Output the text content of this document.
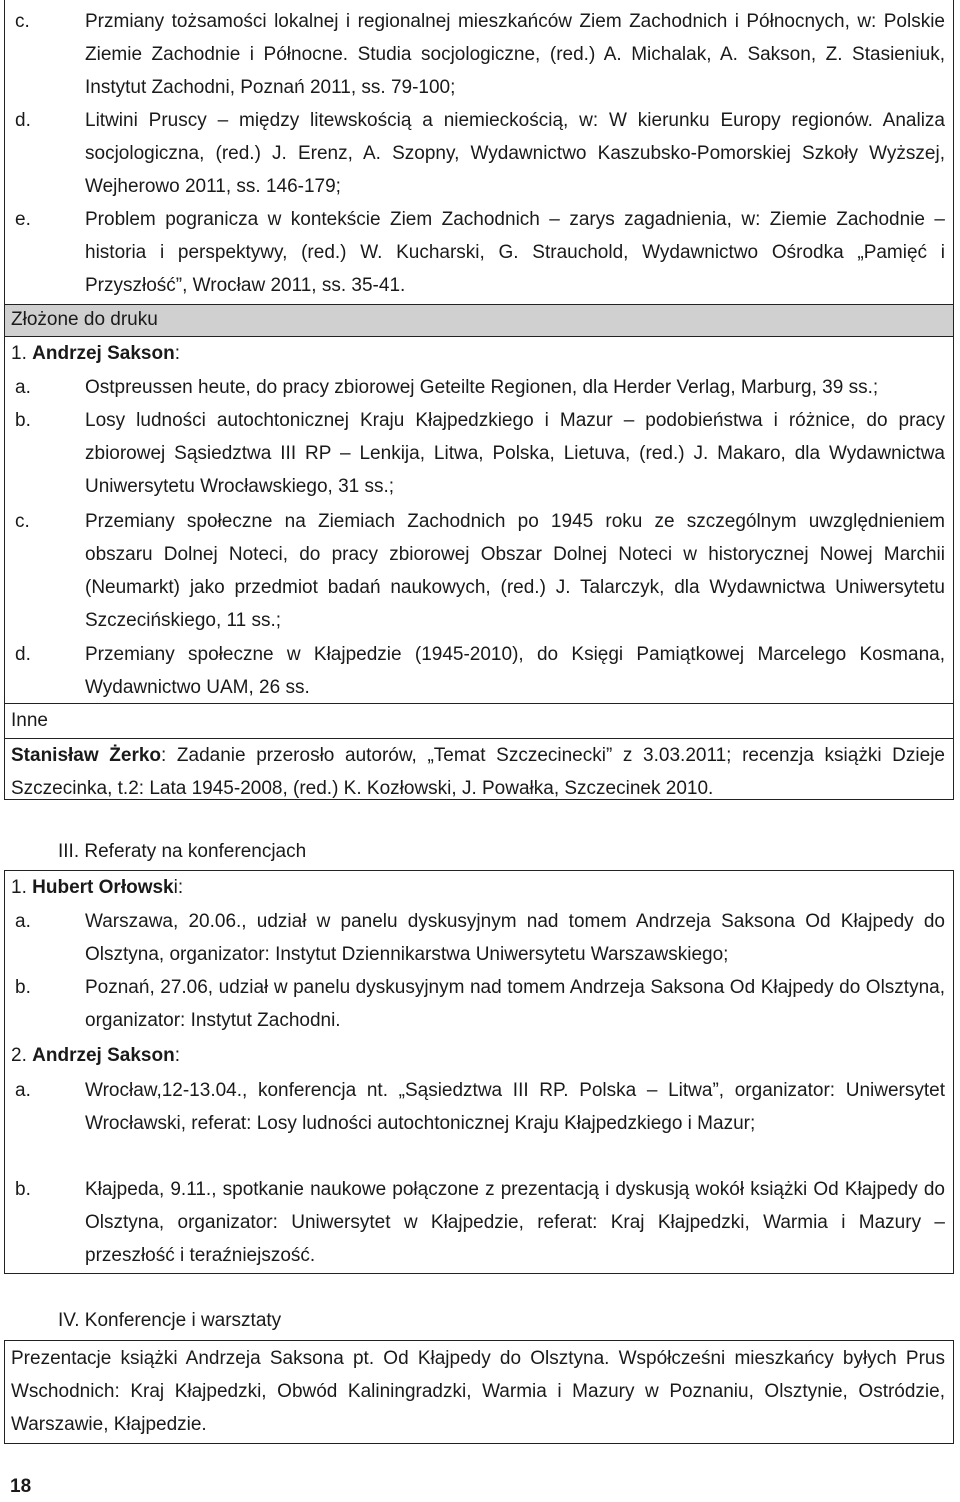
c.	Przmiany tożsamości lokalnej i regionalnej mieszkańców Ziem Zachodnich i Północnych, w: Polskie Ziemie Zachodnie i Północne. Studia socjologiczne, (red.) A. Michalak, A. Sakson, Z. Stasieniuk, Instytut Zachodni, Poznań 2011, ss. 79-100;
d.	Litwini Pruscy – między litewskością a niemieckością, w: W kierunku Europy regionów. Analiza socjologiczna, (red.) J. Erenz, A. Szopny, Wydawnictwo Kaszubsko-Pomorskiej Szkoły Wyższej, Wejherowo 2011, ss. 146-179;
e.	Problem pogranicza w kontekście Ziem Zachodnich – zarys zagadnienia, w: Ziemie Zachodnie – historia i perspektywy, (red.) W. Kucharski, G. Strauchold, Wydawnictwo Ośrodka „Pamięć i Przyszłość”, Wrocław 2011, ss. 35-41.
Złożone do druku
1. Andrzej Sakson:
a.	Ostpreussen heute, do pracy zbiorowej Geteilte Regionen, dla Herder Verlag, Marburg, 39 ss.;
b.	Losy ludności autochtonicznej Kraju Kłajpedzkiego i Mazur – podobieństwa i różnice, do pracy zbiorowej Sąsiedztwa III RP – Lenkija, Litwa, Polska, Lietuva, (red.) J. Makaro, dla Wydawnictwa Uniwersytetu Wrocławskiego, 31 ss.;
c.	Przemiany społeczne na Ziemiach Zachodnich po 1945 roku ze szczególnym uwzględnieniem obszaru Dolnej Noteci, do pracy zbiorowej Obszar Dolnej Noteci w historycznej Nowej Marchii (Neumarkt) jako przedmiot badań naukowych, (red.) J. Talarczyk, dla Wydawnictwa Uniwersytetu Szczecińskiego, 11 ss.;
d.	Przemiany społeczne w Kłajpedzie (1945-2010), do Księgi Pamiątkowej Marcelego Kosmana, Wydawnictwo UAM, 26 ss.
Inne
Stanisław Żerko: Zadanie przerosło autorów, „Temat Szczecinecki” z 3.03.2011; recenzja książki Dzieje Szczecinka, t.2: Lata 1945-2008, (red.) K. Kozłowski, J. Powałka, Szczecinek 2010.
III. Referaty na konferencjach
1. Hubert Orłowski:
a.	Warszawa, 20.06., udział w panelu dyskusyjnym nad tomem Andrzeja Saksona Od Kłajpedy do Olsztyna, organizator: Instytut Dziennikarstwa Uniwersytetu Warszawskiego;
b.	Poznań, 27.06, udział w panelu dyskusyjnym nad tomem Andrzeja Saksona Od Kłajpedy do Olsztyna, organizator: Instytut Zachodni.
2. Andrzej Sakson:
a.	Wrocław,12-13.04., konferencja nt. „Sąsiedztwa III RP. Polska – Litwa”, organizator: Uniwersytet Wrocławski, referat: Losy ludności autochtonicznej Kraju Kłajpedzkiego i Mazur;
b.	Kłajpeda, 9.11., spotkanie naukowe połączone z prezentacją i dyskusją wokół książki Od Kłajpedy do Olsztyna, organizator: Uniwersytet w Kłajpedzie, referat: Kraj Kłajpedzki, Warmia i Mazury – przeszłość i teraźniejszość.
IV. Konferencje i warsztaty
Prezentacje książki Andrzeja Saksona pt. Od Kłajpedy do Olsztyna. Współcześni mieszkańcy byłych Prus Wschodnich: Kraj Kłajpedzki, Obwód Kaliningradzki, Warmia i Mazury w Poznaniu, Olsztynie, Ostródzie, Warszawie, Kłajpedzie.
18
